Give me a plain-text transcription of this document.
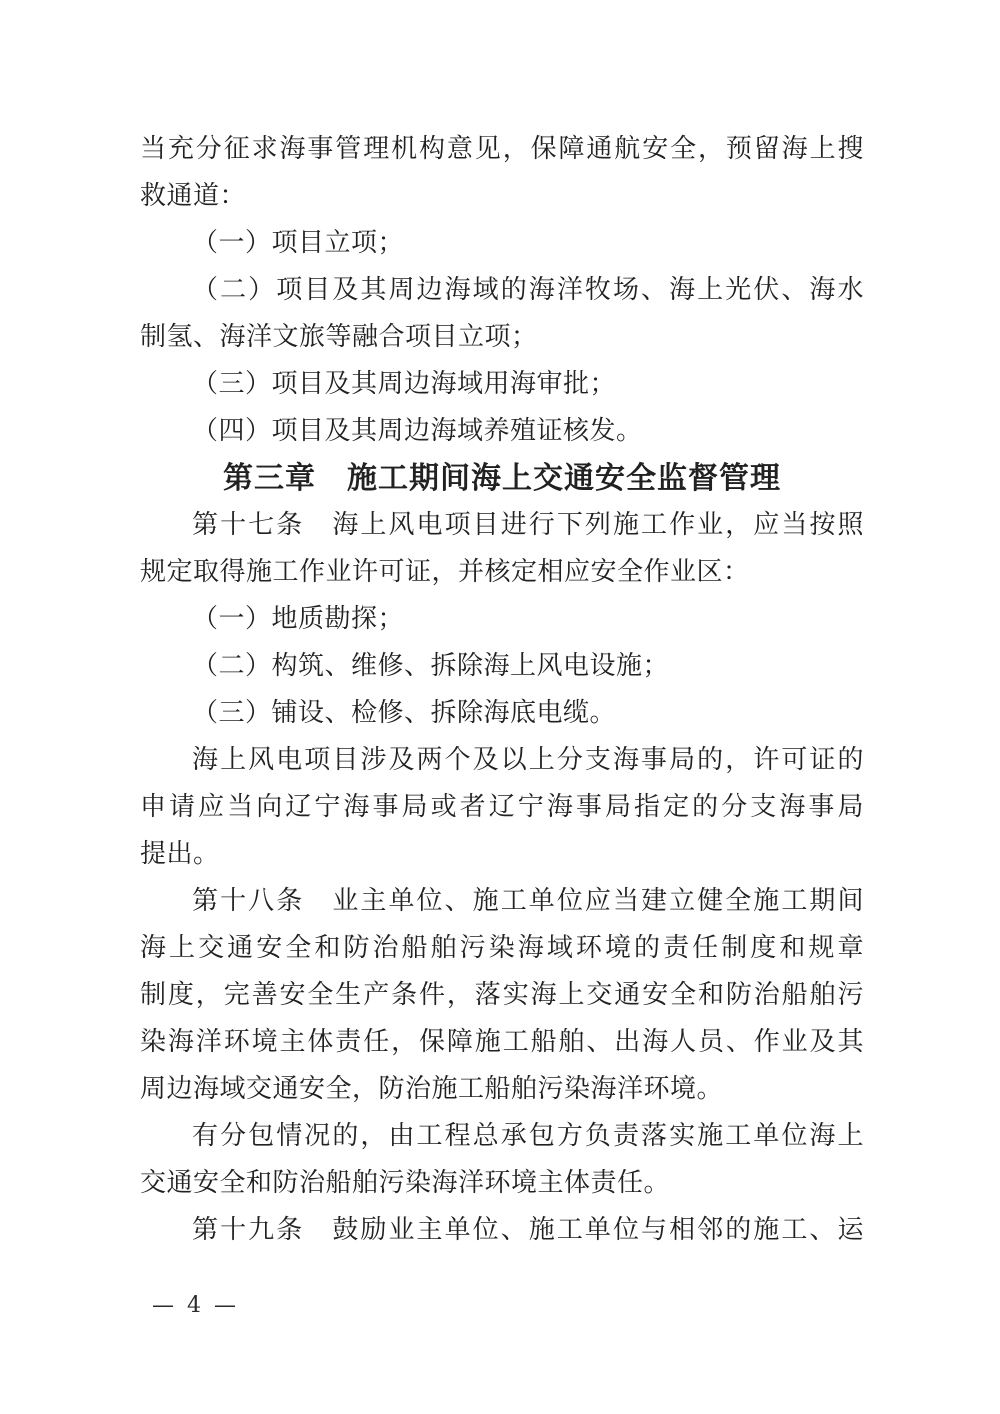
当充分征求海事管理机构意见，保障通航安全，预留海上搜
救通道：
（一）项目立项；
（二）项目及其周边海域的海洋牧场、海上光伏、海水
制氢、海洋文旅等融合项目立项；
（三）项目及其周边海域用海审批；
（四）项目及其周边海域养殖证核发。
第三章　施工期间海上交通安全监督管理
第十七条　海上风电项目进行下列施工作业，应当按照
规定取得施工作业许可证，并核定相应安全作业区：
（一）地质勘探；
（二）构筑、维修、拆除海上风电设施；
（三）铺设、检修、拆除海底电缆。
海上风电项目涉及两个及以上分支海事局的，许可证的
申请应当向辽宁海事局或者辽宁海事局指定的分支海事局
提出。
第十八条　业主单位、施工单位应当建立健全施工期间
海上交通安全和防治船舶污染海域环境的责任制度和规章
制度，完善安全生产条件，落实海上交通安全和防治船舶污
染海洋环境主体责任，保障施工船舶、出海人员、作业及其
周边海域交通安全，防治施工船舶污染海洋环境。
有分包情况的，由工程总承包方负责落实施工单位海上
交通安全和防治船舶污染海洋环境主体责任。
第十九条　鼓励业主单位、施工单位与相邻的施工、运
— 4 —
